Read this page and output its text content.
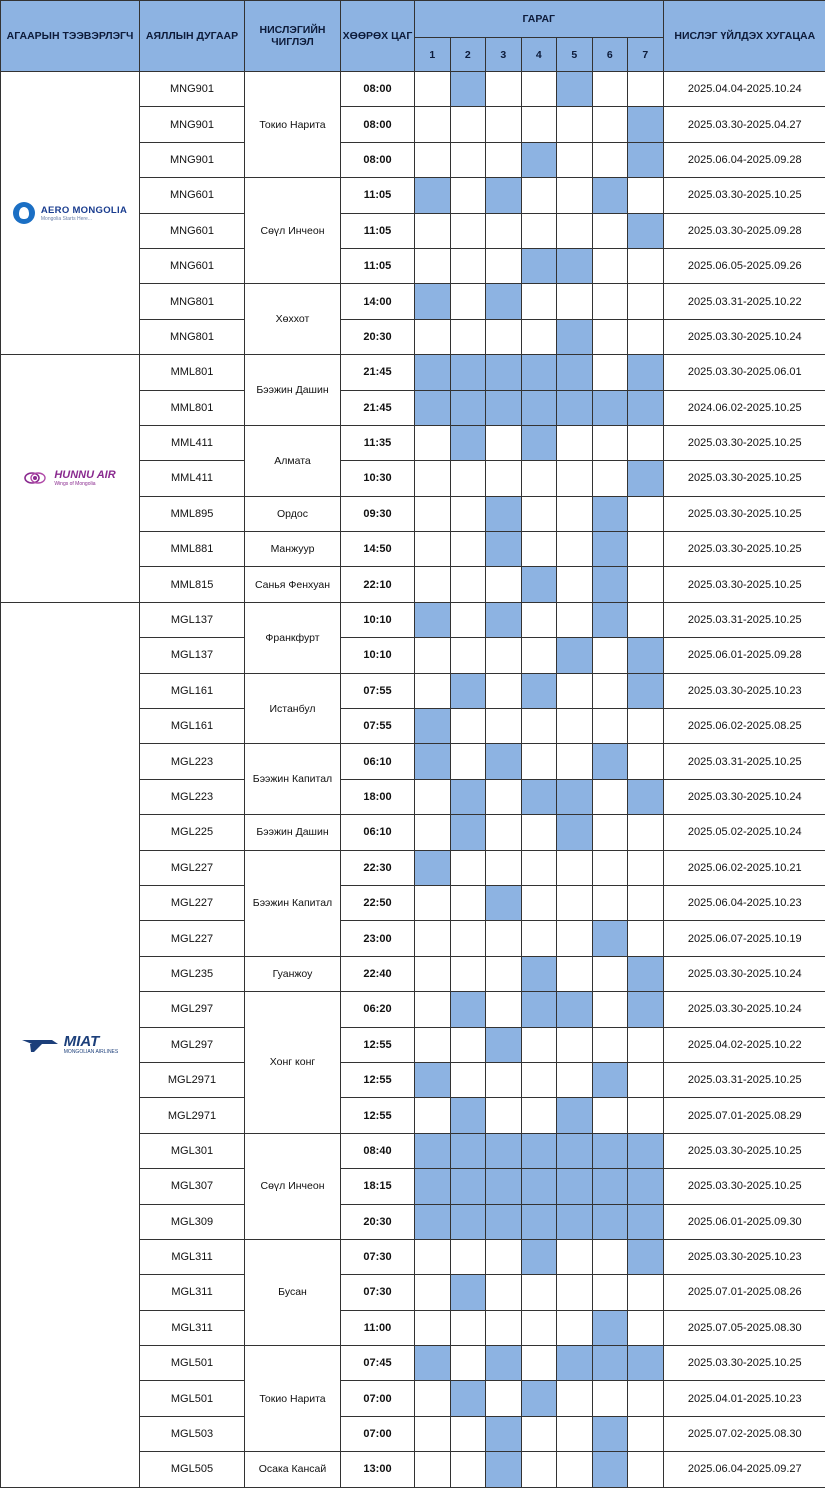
АГААРЫН ТЭЭВЭРЛЭГЧ	АЯЛЛЫН ДУГААР	НИСЛЭГИЙН ЧИГЛЭЛ	ХӨӨРӨХ ЦАГ	ГАРАГ							НИСЛЭГ ҮЙЛДЭХ ХУГАЦАА
				1	2	3	4	5	6	7	

AERO MONGOLIA
Mongolia Starts Here...	MNG901	Токио Нарита	08:00								2025.04.04-2025.10.24
	MNG901		08:00								2025.03.30-2025.04.27
	MNG901		08:00								2025.06.04-2025.09.28
	MNG601	Сөүл Инчеон	11:05								2025.03.30-2025.10.25
	MNG601		11:05								2025.03.30-2025.09.28
	MNG601		11:05								2025.06.05-2025.09.26
	MNG801	Хөххот	14:00								2025.03.31-2025.10.22
	MNG801		20:30								2025.03.30-2025.10.24

HUNNU AIR
Wings of Mongolia	MML801	Бээжин Дашин	21:45								2025.03.30-2025.06.01
	MML801		21:45								2024.06.02-2025.10.25
	MML411	Алмата	11:35								2025.03.30-2025.10.25
	MML411		10:30								2025.03.30-2025.10.25
	MML895	Ордос	09:30								2025.03.30-2025.10.25
	MML881	Манжуур	14:50								2025.03.30-2025.10.25
	MML815	Санья Фенхуан	22:10								2025.03.30-2025.10.25

MIAT
MONGOLIAN AIRLINES	MGL137	Франкфурт	10:10								2025.03.31-2025.10.25
	MGL137		10:10								2025.06.01-2025.09.28
	MGL161	Истанбул	07:55								2025.03.30-2025.10.23
	MGL161		07:55								2025.06.02-2025.08.25
	MGL223	Бээжин Капитал	06:10								2025.03.31-2025.10.25
	MGL223		18:00								2025.03.30-2025.10.24
	MGL225	Бээжин Дашин	06:10								2025.05.02-2025.10.24
	MGL227	Бээжин Капитал	22:30								2025.06.02-2025.10.21
	MGL227		22:50								2025.06.04-2025.10.23
	MGL227		23:00								2025.06.07-2025.10.19
	MGL235	Гуанжоу	22:40								2025.03.30-2025.10.24
	MGL297	Хонг конг	06:20								2025.03.30-2025.10.24
	MGL297		12:55								2025.04.02-2025.10.22
	MGL2971		12:55								2025.03.31-2025.10.25
	MGL2971		12:55								2025.07.01-2025.08.29
	MGL301	Сөүл Инчеон	08:40								2025.03.30-2025.10.25
	MGL307		18:15								2025.03.30-2025.10.25
	MGL309		20:30								2025.06.01-2025.09.30
	MGL311	Бусан	07:30								2025.03.30-2025.10.23
	MGL311		07:30								2025.07.01-2025.08.26
	MGL311		11:00								2025.07.05-2025.08.30
	MGL501	Токио Нарита	07:45								2025.03.30-2025.10.25
	MGL501		07:00								2025.04.01-2025.10.23
	MGL503		07:00								2025.07.02-2025.08.30
	MGL505	Осака Кансай	13:00								2025.06.04-2025.09.27
